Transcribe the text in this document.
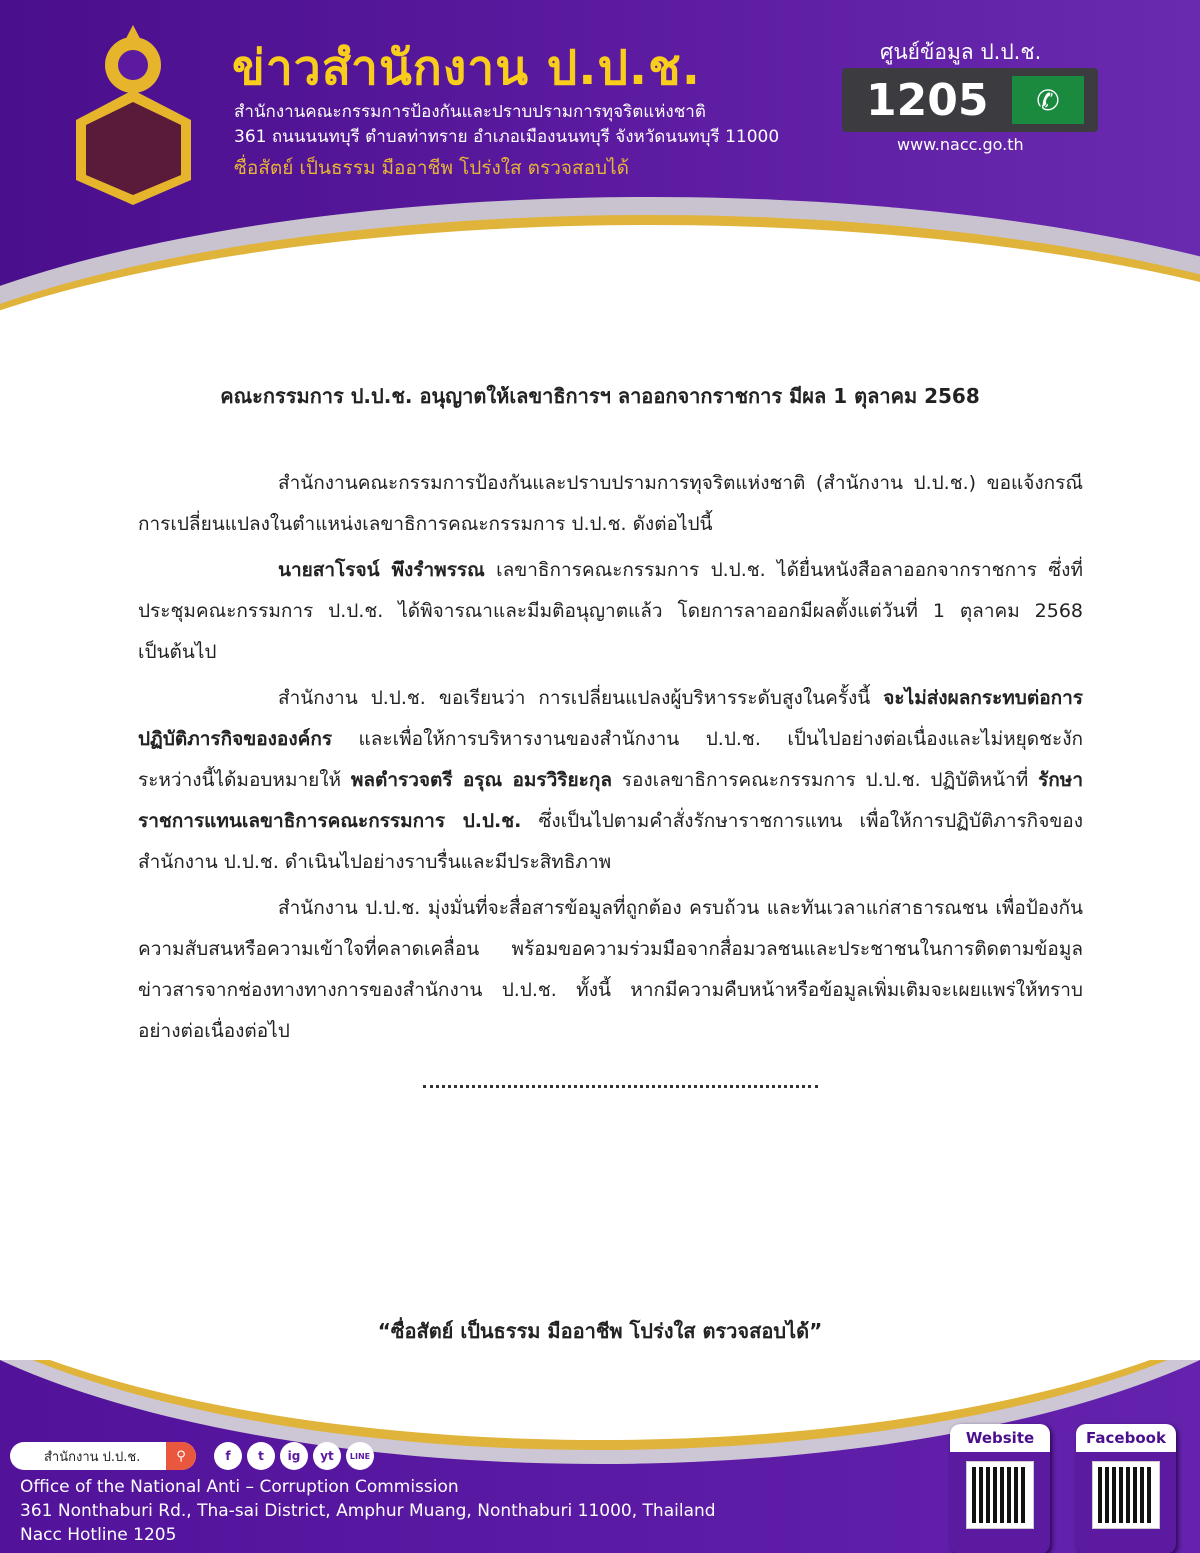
ข่าวสำนักงาน ป.ป.ช.
สำนักงานคณะกรรมการป้องกันและปราบปรามการทุจริตแห่งชาติ
361 ถนนนนทบุรี ตำบลท่าทราย อำเภอเมืองนนทบุรี จังหวัดนนทบุรี 11000
ซื่อสัตย์ เป็นธรรม มืออาชีพ โปร่งใส ตรวจสอบได้
ศูนย์ข้อมูล ป.ป.ช.
1205	✆
www.nacc.go.th
คณะกรรมการ ป.ป.ช. อนุญาตให้เลขาธิการฯ ลาออกจากราชการ มีผล 1 ตุลาคม 2568

สำนักงานคณะกรรมการป้องกันและปราบปรามการทุจริตแห่งชาติ (สำนักงาน ป.ป.ช.) ขอแจ้งกรณีการเปลี่ยนแปลงในตำแหน่งเลขาธิการคณะกรรมการ ป.ป.ช. ดังต่อไปนี้

นายสาโรจน์ พึงรำพรรณ เลขาธิการคณะกรรมการ ป.ป.ช. ได้ยื่นหนังสือลาออกจากราชการ ซึ่งที่ประชุมคณะกรรมการ ป.ป.ช. ได้พิจารณาและมีมติอนุญาตแล้ว โดยการลาออกมีผลตั้งแต่วันที่ 1 ตุลาคม 2568 เป็นต้นไป

สำนักงาน ป.ป.ช. ขอเรียนว่า การเปลี่ยนแปลงผู้บริหารระดับสูงในครั้งนี้ จะไม่ส่งผลกระทบต่อการปฏิบัติภารกิจขององค์กร และเพื่อให้การบริหารงานของสำนักงาน ป.ป.ช. เป็นไปอย่างต่อเนื่องและไม่หยุดชะงัก ระหว่างนี้ได้มอบหมายให้ พลตำรวจตรี อรุณ อมรวิริยะกุล รองเลขาธิการคณะกรรมการ ป.ป.ช. ปฏิบัติหน้าที่ รักษาราชการแทนเลขาธิการคณะกรรมการ ป.ป.ช. ซึ่งเป็นไปตามคำสั่งรักษาราชการแทน เพื่อให้การปฏิบัติภารกิจของสำนักงาน ป.ป.ช. ดำเนินไปอย่างราบรื่นและมีประสิทธิภาพ

สำนักงาน ป.ป.ช. มุ่งมั่นที่จะสื่อสารข้อมูลที่ถูกต้อง ครบถ้วน และทันเวลาแก่สาธารณชน เพื่อป้องกันความสับสนหรือความเข้าใจที่คลาดเคลื่อน พร้อมขอความร่วมมือจากสื่อมวลชนและประชาชนในการติดตามข้อมูลข่าวสารจากช่องทางทางการของสำนักงาน ป.ป.ช. ทั้งนี้ หากมีความคืบหน้าหรือข้อมูลเพิ่มเติมจะเผยแพร่ให้ทราบอย่างต่อเนื่องต่อไป

“ซื่อสัตย์ เป็นธรรม มืออาชีพ โปร่งใส ตรวจสอบได้”
สำนักงาน ป.ป.ช.	⚲	f	t	ig	yt	LINE
Office of the National Anti – Corruption Commission
361 Nonthaburi Rd., Tha-sai District, Amphur Muang, Nonthaburi 11000, Thailand
Nacc Hotline 1205
Website	Facebook
